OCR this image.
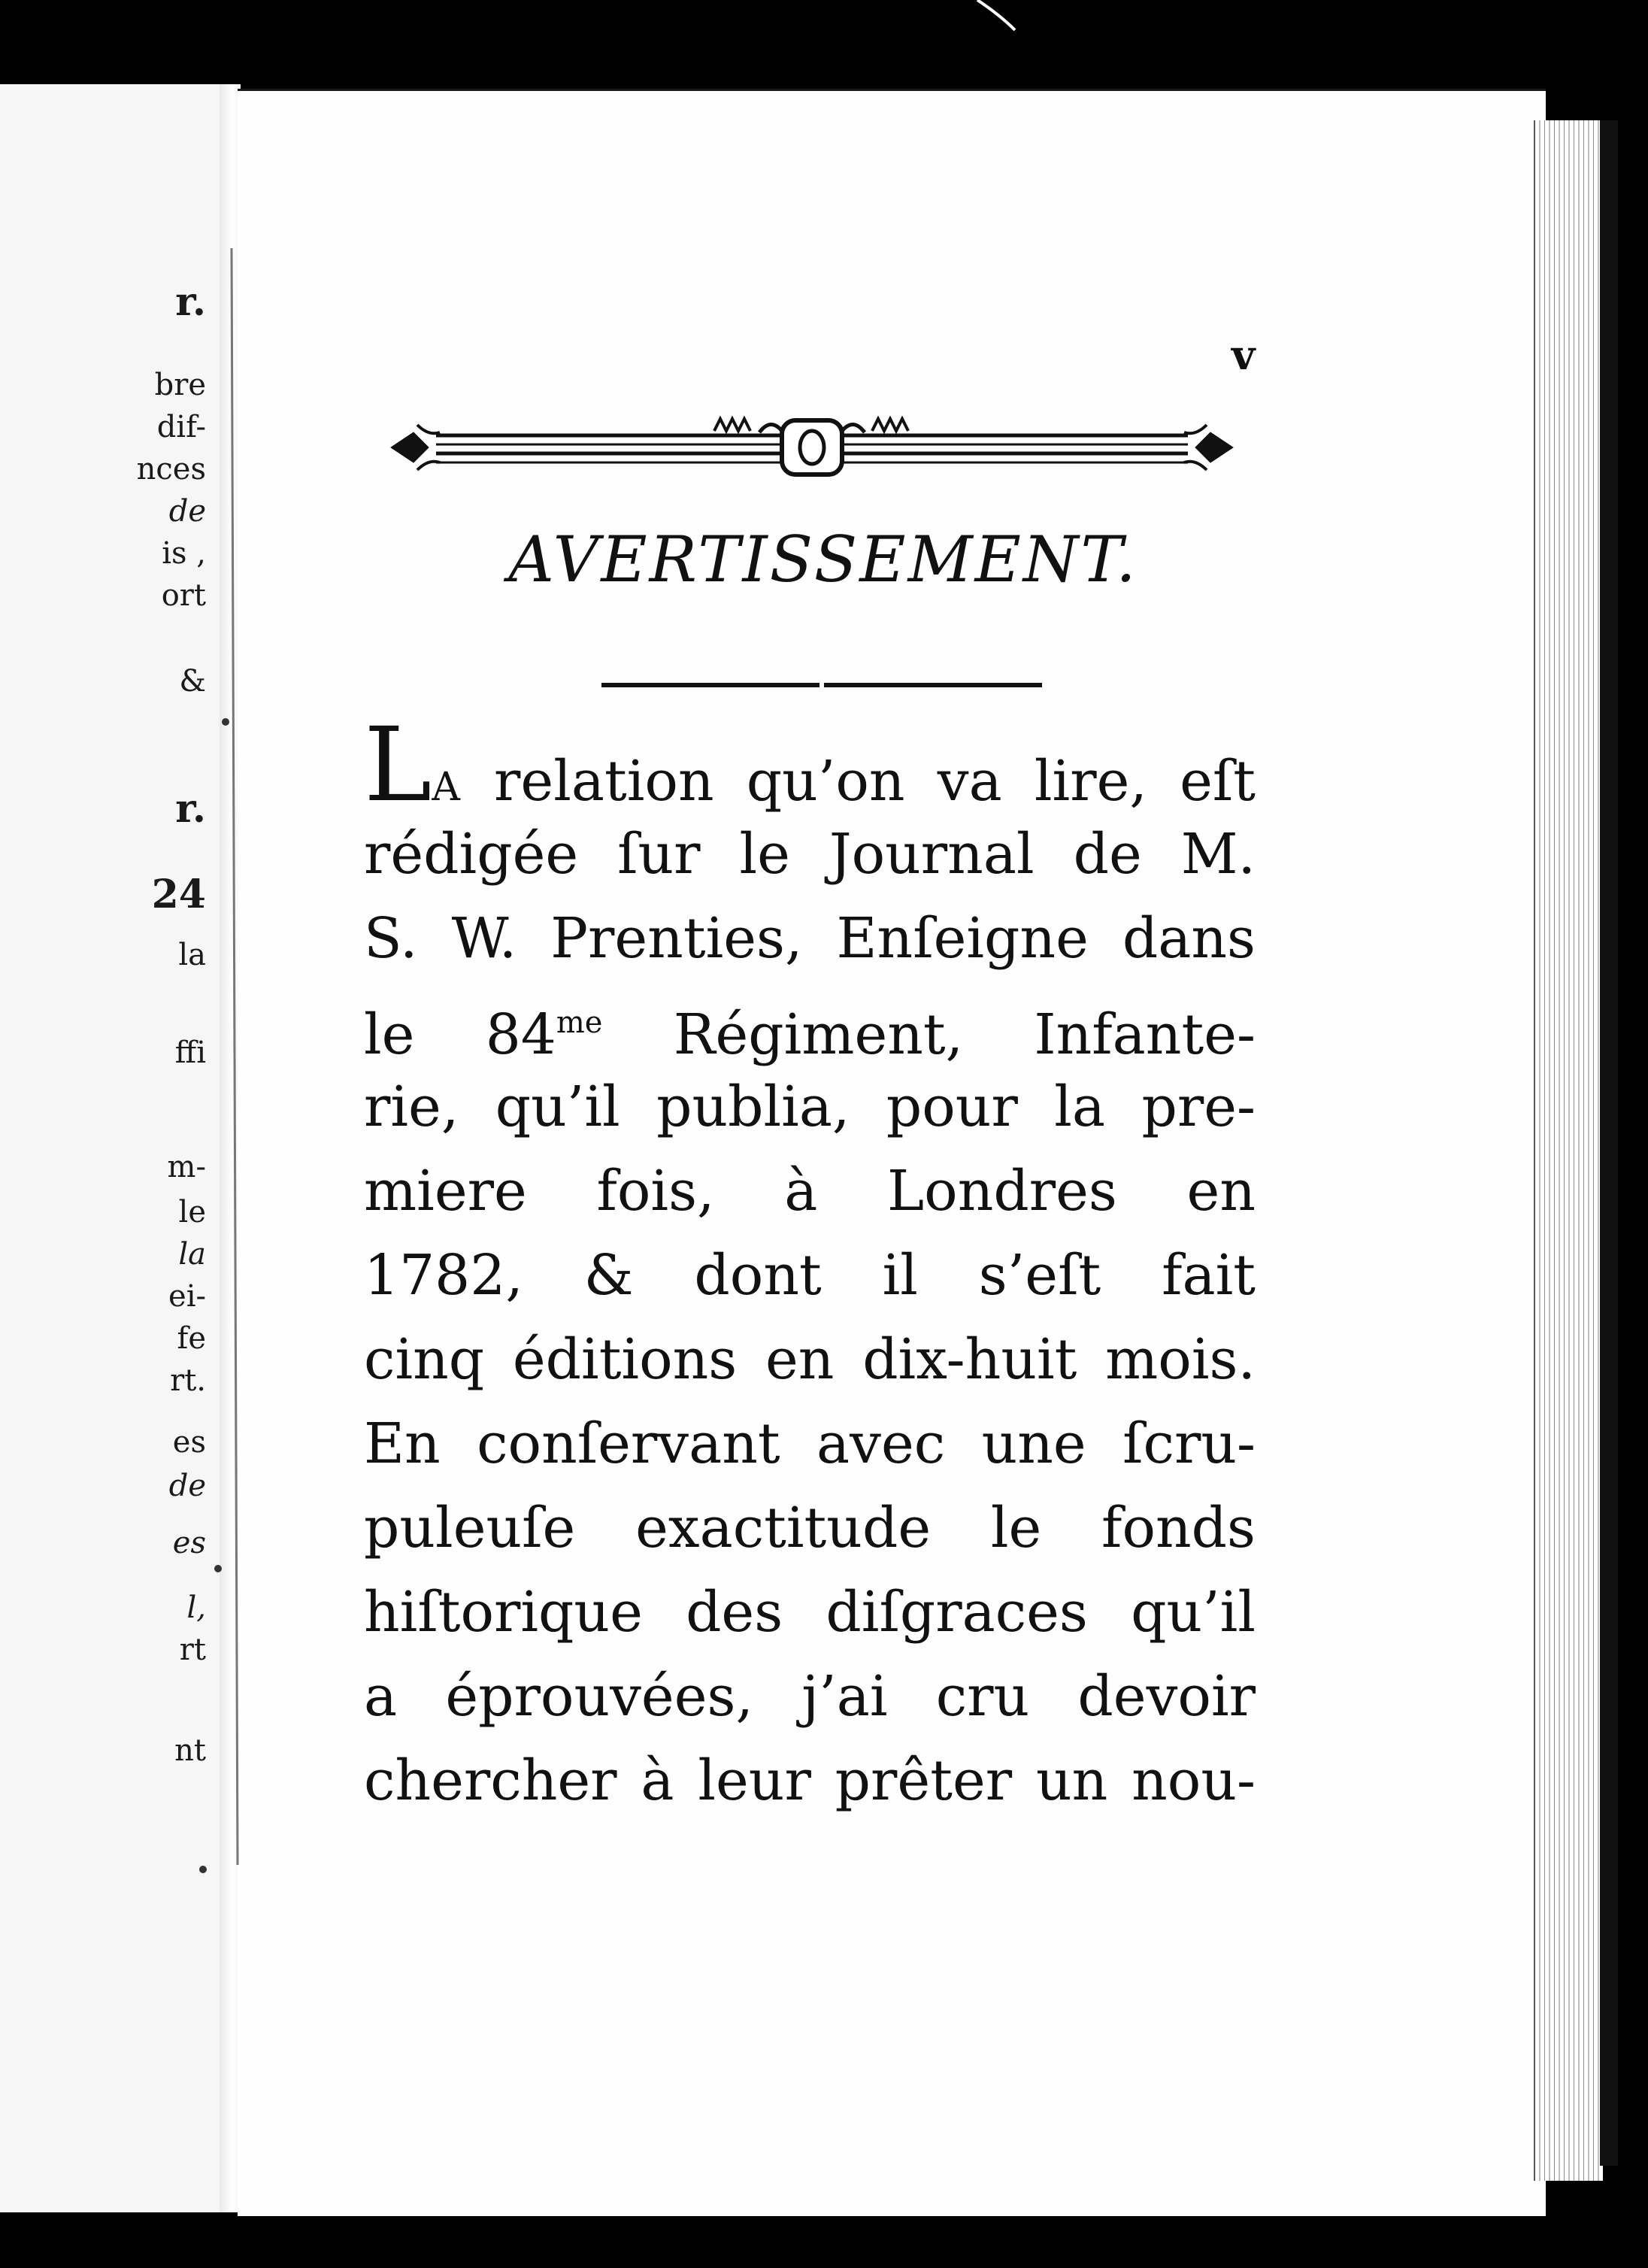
r.
bre
dif-
nces
de
is ,
ort
&
r.
24
la
ffi
m-
le
la
ei-
fe
rt.
es
de
es
l,
rt
nt
v
AVERTISSEMENT.
LA relation qu’on va lire, eſt
rédigée ſur le Journal de M.
S. W. Prenties, Enſeigne dans
le $84^{me}$ Régiment, Infante-
rie, qu’il publia, pour la pre-
miere fois, à Londres en
1782, & dont il s’eſt fait
cinq éditions en dix-huit mois.
En conſervant avec une ſcru-
puleuſe exactitude le fonds
hiſtorique des diſgraces qu’il
a éprouvées, j’ai cru devoir
chercher à leur prêter un nou-
